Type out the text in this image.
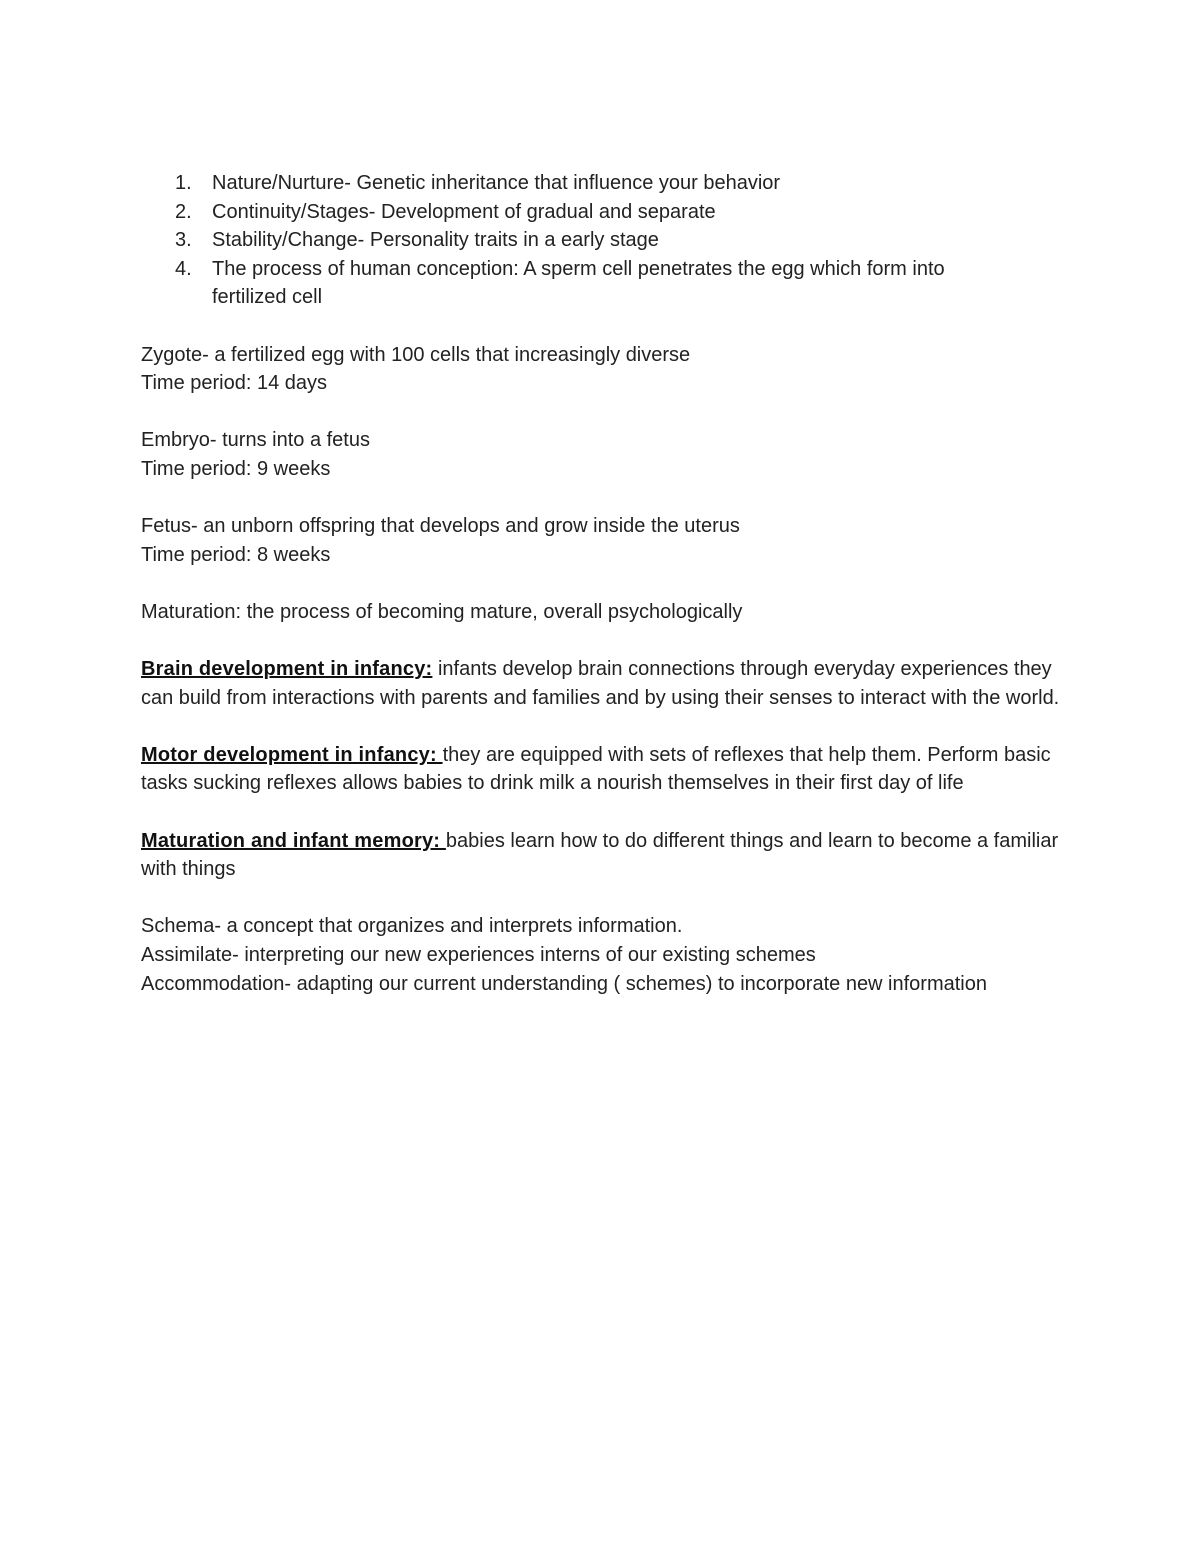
1. Nature/Nurture- Genetic inheritance that influence your behavior
2. Continuity/Stages- Development of gradual and separate
3. Stability/Change- Personality traits in a early stage
4. The process of human conception: A sperm cell penetrates the egg which form into fertilized cell
Zygote- a fertilized egg with 100 cells that increasingly diverse
Time period: 14 days
Embryo- turns into a fetus
Time period: 9 weeks
Fetus- an unborn offspring that develops and grow inside the uterus
Time period: 8 weeks

Maturation: the process of becoming mature, overall psychologically

Brain development in infancy: infants develop brain connections through everyday experiences they can build from interactions with parents and families and by using their senses to interact with the world.

Motor development in infancy: they are equipped with sets of reflexes that help them. Perform basic tasks sucking reflexes allows babies to drink milk a nourish themselves in their first day of life

Maturation and infant memory: babies learn how to do different things and learn to become a familiar with things

Schema- a concept that organizes and interprets information.
Assimilate- interpreting our new experiences interns of our existing schemes
Accommodation- adapting our current understanding ( schemes) to incorporate new information
